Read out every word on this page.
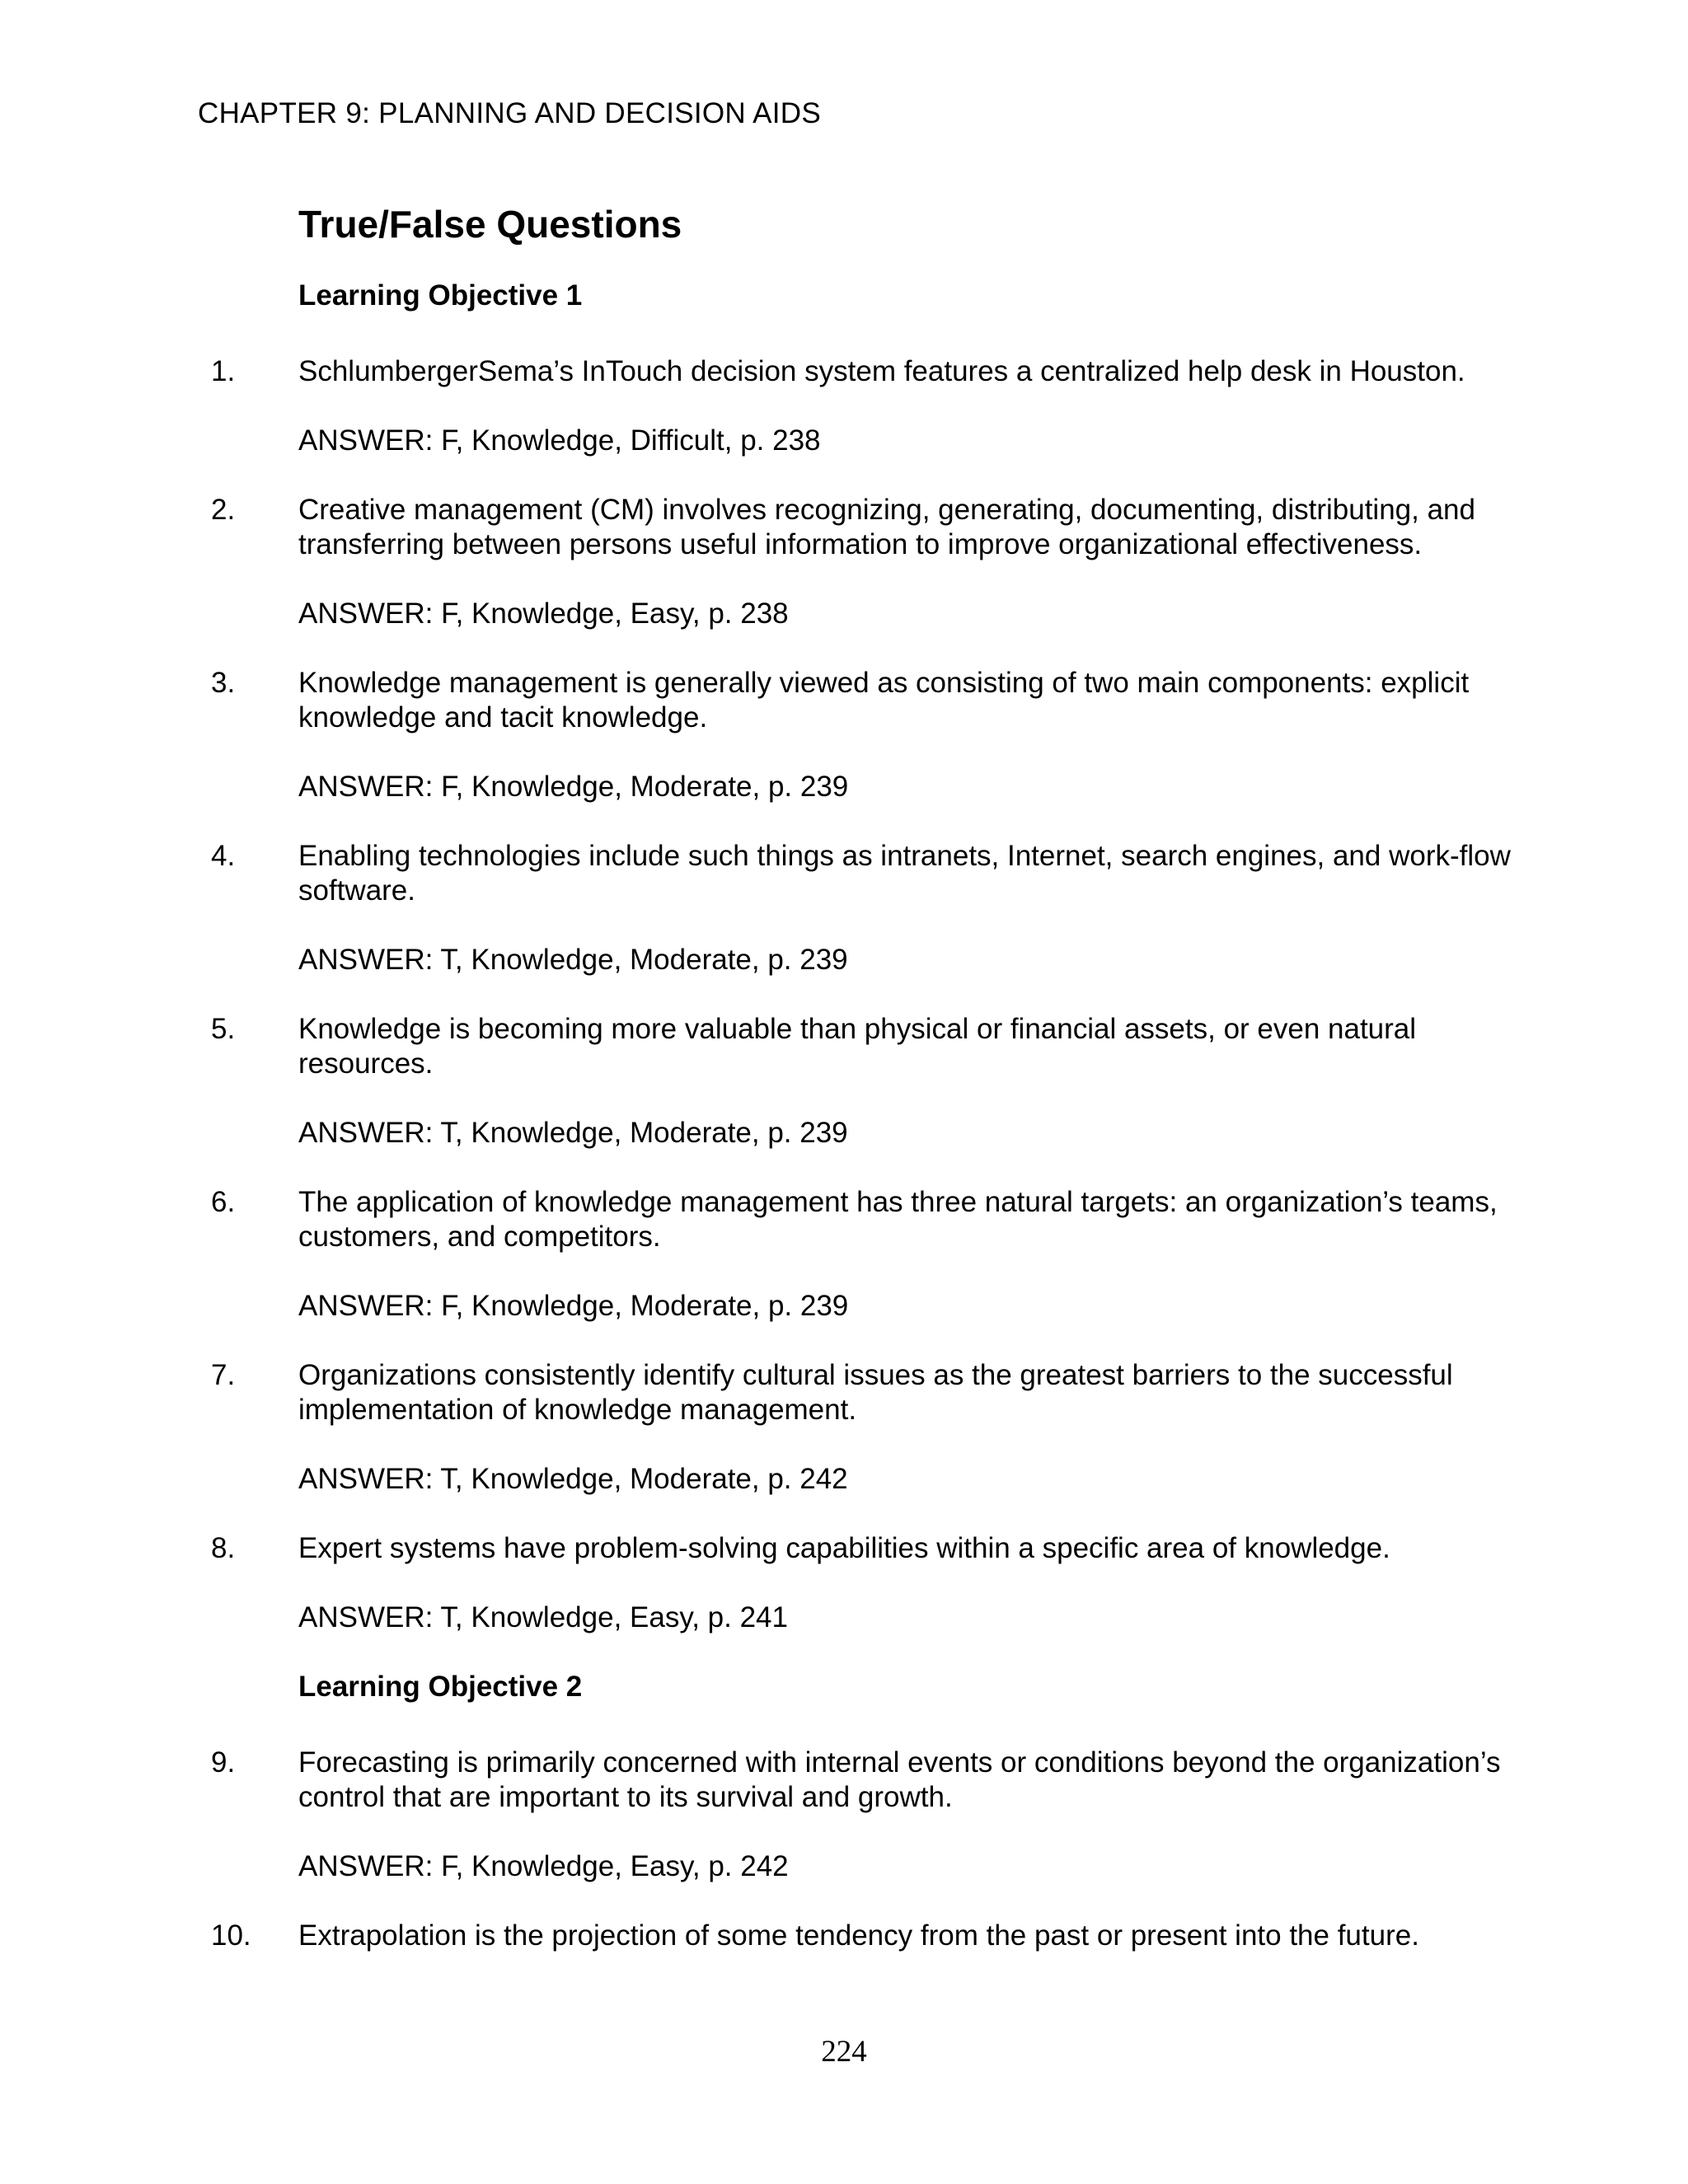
CHAPTER 9: PLANNING AND DECISION AIDS
True/False Questions
Learning Objective 1
1.	SchlumbergerSema’s InTouch decision system features a centralized help desk in Houston.
ANSWER: F, Knowledge, Difficult, p. 238
2.	Creative management (CM) involves recognizing, generating, documenting, distributing, and transferring between persons useful information to improve organizational effectiveness.
ANSWER: F, Knowledge, Easy, p. 238
3.	Knowledge management is generally viewed as consisting of two main components: explicit knowledge and tacit knowledge.
ANSWER: F, Knowledge, Moderate, p. 239
4.	Enabling technologies include such things as intranets, Internet, search engines, and work-flow software.
ANSWER: T, Knowledge, Moderate, p. 239
5.	Knowledge is becoming more valuable than physical or financial assets, or even natural resources.
ANSWER: T, Knowledge, Moderate, p. 239
6.	The application of knowledge management has three natural targets: an organization’s teams, customers, and competitors.
ANSWER: F, Knowledge, Moderate, p. 239
7.	Organizations consistently identify cultural issues as the greatest barriers to the successful implementation of knowledge management.
ANSWER: T, Knowledge, Moderate, p. 242
8.	Expert systems have problem-solving capabilities within a specific area of knowledge.
ANSWER: T, Knowledge, Easy, p. 241
Learning Objective 2
9.	Forecasting is primarily concerned with internal events or conditions beyond the organization’s control that are important to its survival and growth.
ANSWER: F, Knowledge, Easy, p. 242
10.	Extrapolation is the projection of some tendency from the past or present into the future.
224
